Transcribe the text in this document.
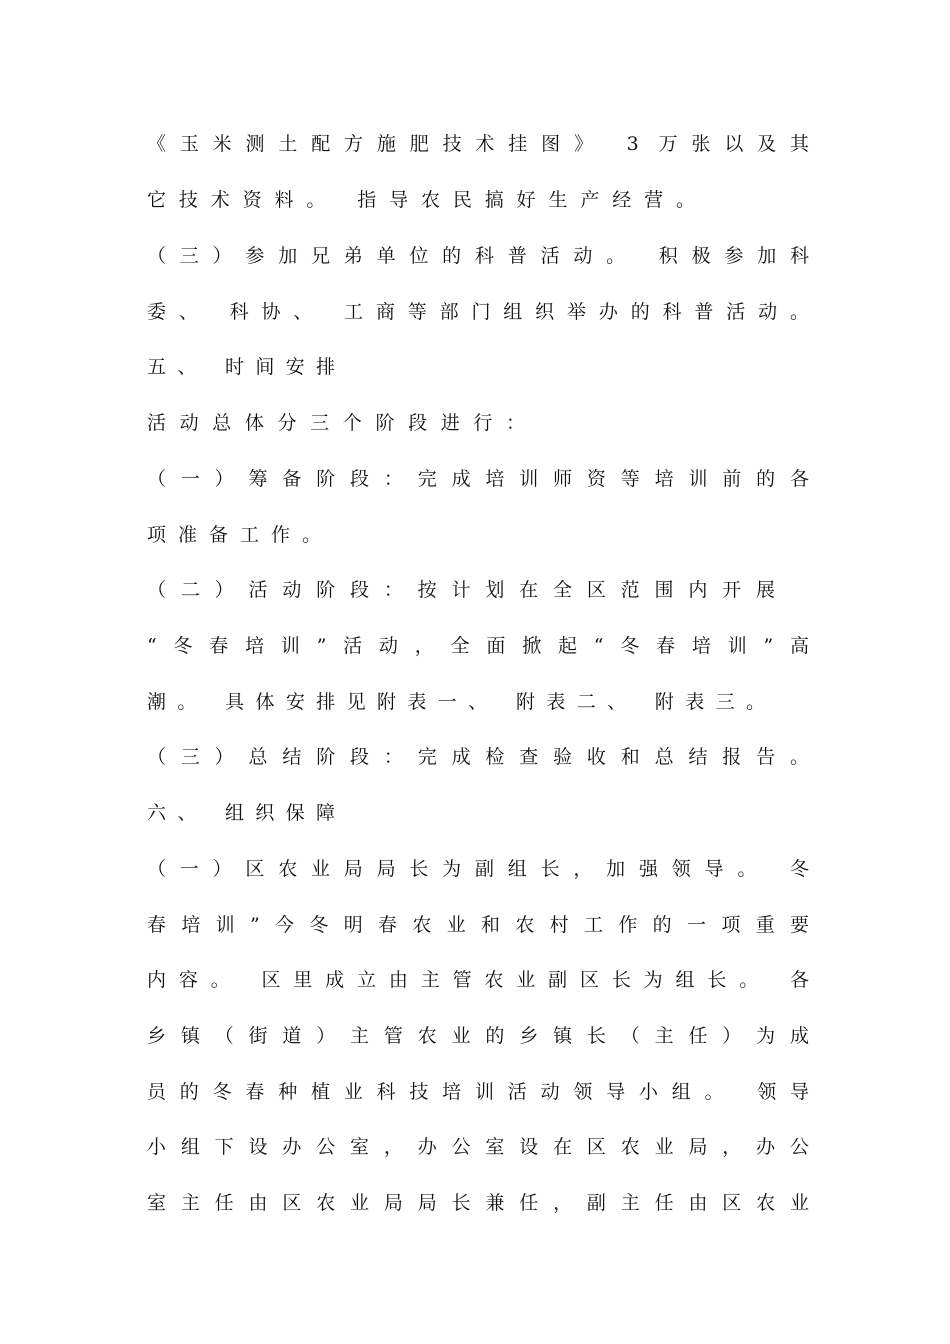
《玉米测土配方施肥技术挂图》 3 万张以及其
它技术资料。 指导农民搞好生产经营。
（三）参加兄弟单位的科普活动。 积极参加科
委、 科协、 工商等部门组织举办的科普活动。
五、 时间安排
活动总体分三个阶段进行：
（一）筹备阶段：完成培训师资等培训前的各
项准备工作。
（二）活动阶段：按计划在全区范围内开展
“冬春培训”活动，全面掀起“冬春培训”高
潮。 具体安排见附表一、 附表二、 附表三。
（三）总结阶段：完成检查验收和总结报告。
六、 组织保障
（一）区农业局局长为副组长，加强领导。 冬
春培训”今冬明春农业和农村工作的一项重要
内容。 区里成立由主管农业副区长为组长。 各
乡镇（街道）主管农业的乡镇长（主任）为成
员的冬春种植业科技培训活动领导小组。 领导
小组下设办公室，办公室设在区农业局，办公
室主任由区农业局局长兼任，副主任由区农业
